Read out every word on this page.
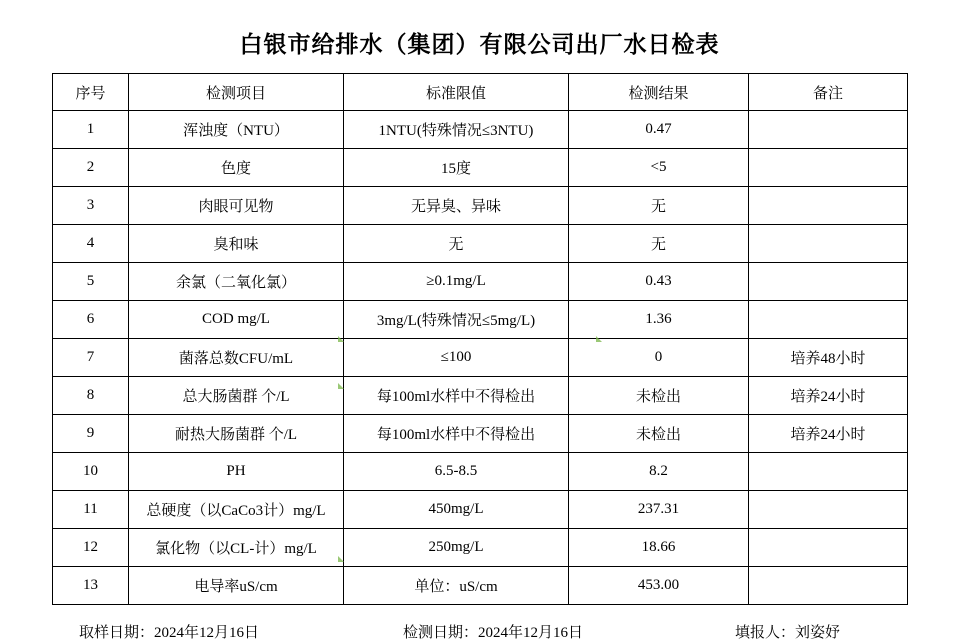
白银市给排水（集团）有限公司出厂水日检表
序号	检测项目	标准限值	检测结果	备注
1	浑浊度（NTU）	1NTU(特殊情况≤3NTU)	0.47	
2	色度	15度	<5	
3	肉眼可见物	无异臭、异味	无	
4	臭和味	无	无	
5	余氯（二氧化氯）	≥0.1mg/L	0.43	
6	COD mg/L	3mg/L(特殊情况≤5mg/L)	1.36	
7	菌落总数CFU/mL	≤100	0	培养48小时
8	总大肠菌群 个/L	每100ml水样中不得检出	未检出	培养24小时
9	耐热大肠菌群 个/L	每100ml水样中不得检出	未检出	培养24小时
10	PH	6.5-8.5	8.2	
11	总硬度（以CaCo3计）mg/L	450mg/L	237.31	
12	氯化物（以CL-计）mg/L	250mg/L	18.66	
13	电导率uS/cm	单位：uS/cm	453.00	
取样日期：2024年12月16日	检测日期：2024年12月16日	填报人：刘姿妤
